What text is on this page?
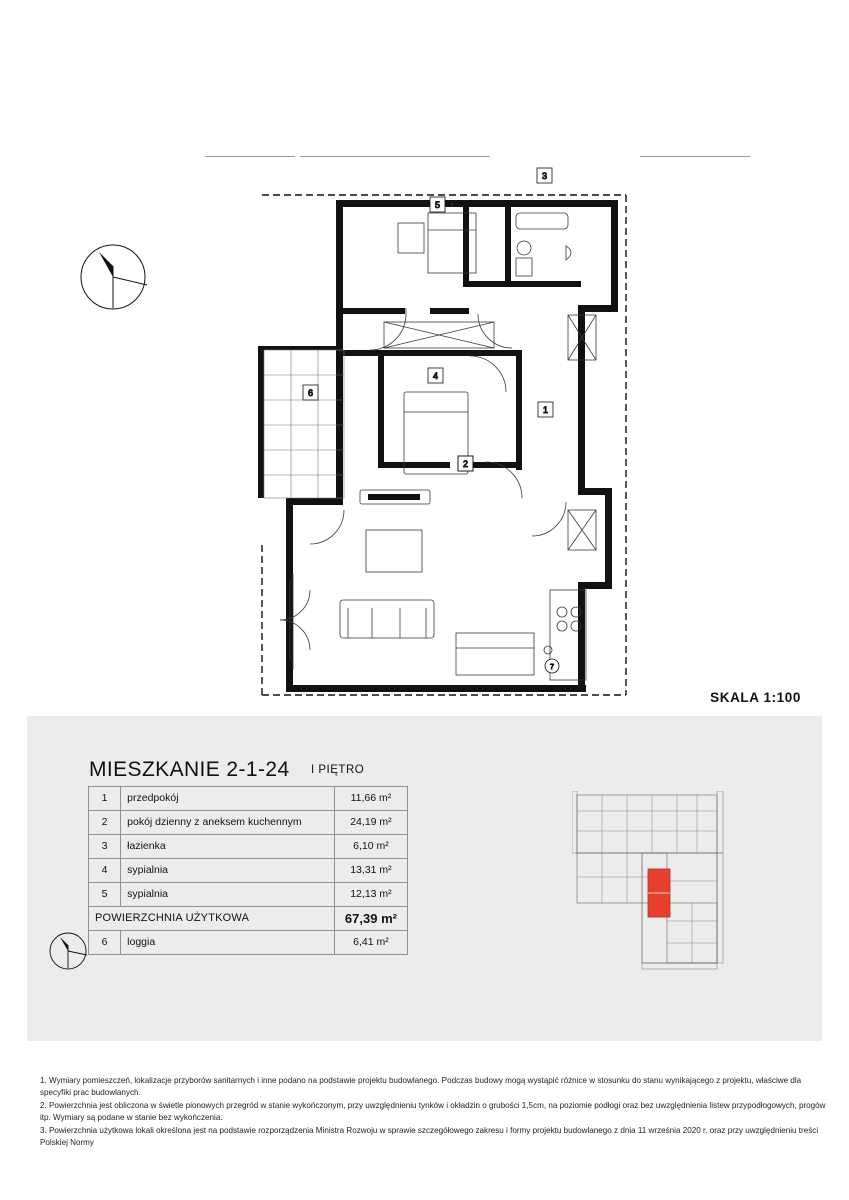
1
2
3
4
5
6
7
SKALA 1:100
MIESZKANIE 2-1-24 I PIĘTRO
1	przedpokój	11,66 m²
2	pokój dzienny z aneksem kuchennym	24,19 m²
3	łazienka	6,10 m²
4	sypialnia	13,31 m²
5	sypialnia	12,13 m²
POWIERZCHNIA UŻYTKOWA		67,39 m²
6	loggia	6,41 m²

1. Wymiary pomieszczeń, lokalizacje przyborów sanitarnych i inne podano na podstawie projektu budowlanego. Podczas budowy mogą wystąpić różnice w stosunku do stanu wynikającego z projektu, właściwe dla specyfiki prac budowlanych.

2. Powierzchnia jest obliczona w świetle pionowych przegród w stanie wykończonym, przy uwzględnieniu tynków i okładzin o grubości 1,5cm, na poziomie podłogi oraz bez uwzględnienia listew przypodłogowych, progów itp. Wymiary są podane w stanie bez wykończenia.

3. Powierzchnia użytkowa lokali określona jest na podstawie rozporządzenia Ministra Rozwoju w sprawie szczegółowego zakresu i formy projektu budowlanego z dnia 11 września 2020 r. oraz przy uwzględnieniu treści Polskiej Normy
